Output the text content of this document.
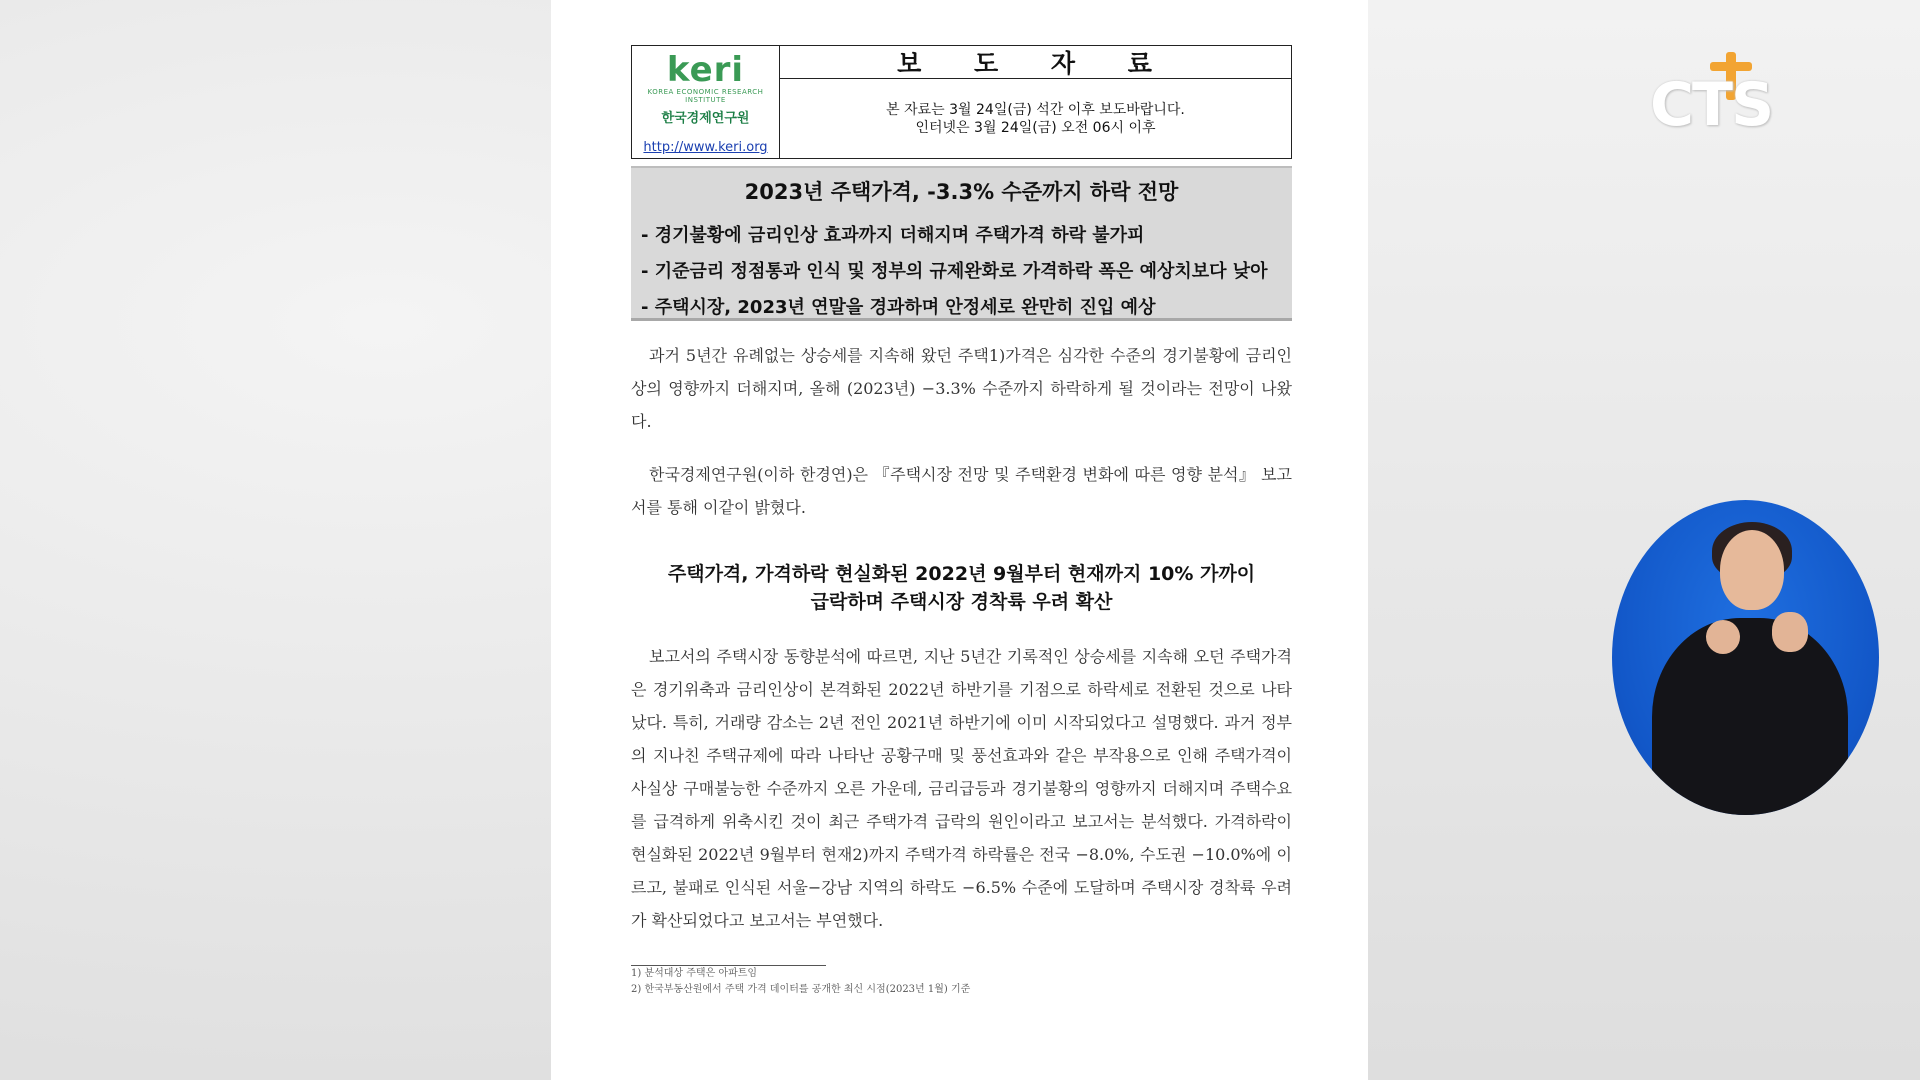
keri
KOREA ECONOMIC RESEARCH INSTITUTE
한국경제연구원
http://www.keri.org
보 도 자 료
본 자료는 3월 24일(금) 석간 이후 보도바랍니다.
인터넷은 3월 24일(금) 오전 06시 이후
2023년 주택가격, -3.3% 수준까지 하락 전망
- 경기불황에 금리인상 효과까지 더해지며 주택가격 하락 불가피
- 기준금리 정점통과 인식 및 정부의 규제완화로 가격하락 폭은 예상치보다 낮아
- 주택시장, 2023년 연말을 경과하며 안정세로 완만히 진입 예상

과거 5년간 유례없는 상승세를 지속해 왔던 주택1)가격은 심각한 수준의 경기불황에 금리인상의 영향까지 더해지며, 올해 (2023년) −3.3% 수준까지 하락하게 될 것이라는 전망이 나왔다.

한국경제연구원(이하 한경연)은 『주택시장 전망 및 주택환경 변화에 따른 영향 분석』 보고서를 통해 이같이 밝혔다.

주택가격, 가격하락 현실화된 2022년 9월부터 현재까지 10% 가까이
급락하며 주택시장 경착륙 우려 확산

보고서의 주택시장 동향분석에 따르면, 지난 5년간 기록적인 상승세를 지속해 오던 주택가격은 경기위축과 금리인상이 본격화된 2022년 하반기를 기점으로 하락세로 전환된 것으로 나타났다. 특히, 거래량 감소는 2년 전인 2021년 하반기에 이미 시작되었다고 설명했다. 과거 정부의 지나친 주택규제에 따라 나타난 공황구매 및 풍선효과와 같은 부작용으로 인해 주택가격이 사실상 구매불능한 수준까지 오른 가운데, 금리급등과 경기불황의 영향까지 더해지며 주택수요를 급격하게 위축시킨 것이 최근 주택가격 급락의 원인이라고 보고서는 분석했다. 가격하락이 현실화된 2022년 9월부터 현재2)까지 주택가격 하락률은 전국 −8.0%, 수도권 −10.0%에 이르고, 불패로 인식된 서울−강남 지역의 하락도 −6.5% 수준에 도달하며 주택시장 경착륙 우려가 확산되었다고 보고서는 부연했다.

1) 분석대상 주택은 아파트임

2) 한국부동산원에서 주택 가격 데이터를 공개한 최신 시점(2023년 1월) 기준

CTS
